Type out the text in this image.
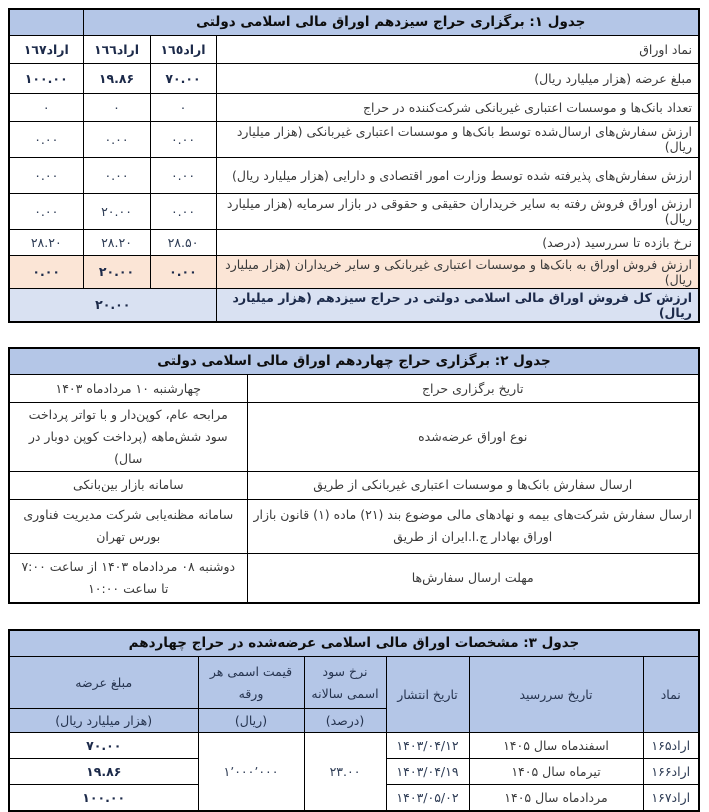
جدول ۱: برگزاری حراج سیزدهم اوراق مالی اسلامی دولتی			
نماد اوراق	اراد١٦٥	اراد١٦٦	اراد١٦٧
مبلغ عرضه (هزار میلیارد ریال)	۷۰.۰۰	۱۹.۸۶	۱۰۰.۰۰
تعداد بانک‌ها و موسسات اعتباری غیربانکی شرکت‌کننده در حراج	۰	۰	۰
ارزش سفارش‌های ارسال‌شده توسط بانک‌ها و موسسات اعتباری غیربانکی (هزار میلیارد ریال)	۰.۰۰	۰.۰۰	۰.۰۰
ارزش سفارش‌های پذیرفته شده توسط وزارت امور اقتصادی و دارایی (هزار میلیارد ریال)	۰.۰۰	۰.۰۰	۰.۰۰
ارزش اوراق فروش رفته به سایر خریداران حقیقی و حقوقی در بازار سرمایه (هزار میلیارد ریال)	۰.۰۰	۲۰.۰۰	۰.۰۰
نرخ بازده تا سررسید (درصد)	۲۸.۵۰	۲۸.۲۰	۲۸.۲۰
ارزش فروش اوراق به بانک‌ها و موسسات اعتباری غیربانکی و سایر خریداران (هزار میلیارد ریال)	۰.۰۰	۲۰.۰۰	۰.۰۰
ارزش کل فروش اوراق مالی اسلامی دولتی در حراج سیزدهم (هزار میلیارد ریال)	۲۰.۰۰		
جدول ۲: برگزاری حراج چهاردهم اوراق مالی اسلامی دولتی	
تاریخ برگزاری حراج	چهارشنبه ۱۰ مردادماه ۱۴۰۳
نوع اوراق عرضه‌شده	مرابحه عام، کوپن‌دار و با تواتر پرداخت سود شش‌ماهه (پرداخت کوپن دوبار در سال)
ارسال سفارش بانک‌ها و موسسات اعتباری غیربانکی از طریق	سامانه بازار بین‌بانکی
ارسال سفارش شرکت‌های بیمه و نهادهای مالی موضوع بند (۲۱) ماده (۱) قانون بازار اوراق بهادار ج.ا.ایران از طریق	سامانه مظنه‌یابی شرکت مدیریت فناوری بورس تهران
مهلت ارسال سفارش‌ها	دوشنبه ۰۸ مردادماه ۱۴۰۳ از ساعت ۷:۰۰ تا ساعت ۱۰:۰۰
جدول ۳: مشخصات اوراق مالی اسلامی عرضه‌شده در حراج چهاردهم					
نماد	تاریخ سررسید	تاریخ انتشار	نرخ سود اسمی سالانه	قیمت اسمی هر ورقه	مبلغ عرضه
			(درصد)	(ریال)	(هزار میلیارد ریال)
اراد۱۶۵	اسفندماه سال ۱۴۰۵	۱۴۰۳/۰۴/۱۲	۲۳.۰۰	۱٬۰۰۰٬۰۰۰	۷۰.۰۰
اراد۱۶۶	تیرماه سال ۱۴۰۵	۱۴۰۳/۰۴/۱۹			۱۹.۸۶
اراد۱۶۷	مردادماه سال ۱۴۰۵	۱۴۰۳/۰۵/۰۲			۱۰۰.۰۰
